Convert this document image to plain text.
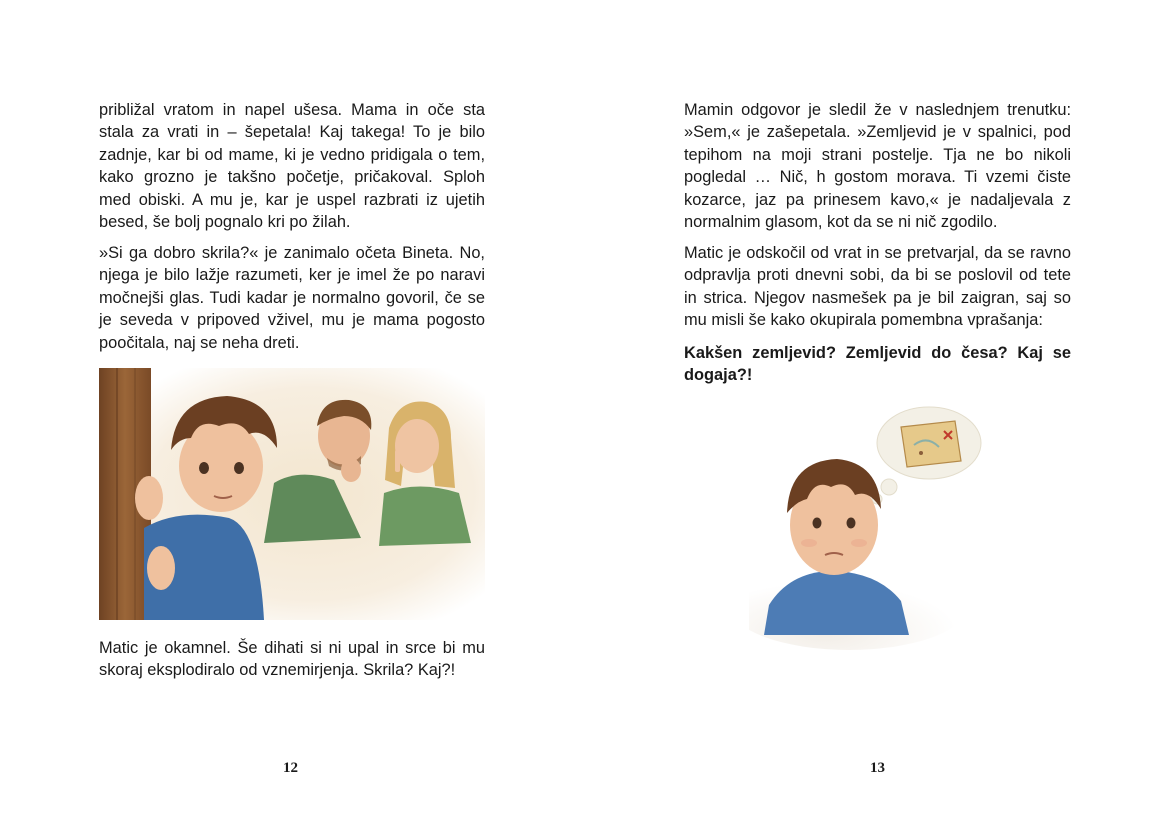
približal vratom in napel ušesa. Mama in oče sta stala za vrati in – šepetala! Kaj takega! To je bilo zadnje, kar bi od mame, ki je vedno pridigala o tem, kako grozno je takšno početje, pričakoval. Sploh med obiski. A mu je, kar je uspel razbrati iz ujetih besed, še bolj pognalo kri po žilah.
»Si ga dobro skrila?« je zanimalo očeta Bineta. No, njega je bilo lažje razumeti, ker je imel že po naravi močnejši glas. Tudi kadar je normalno govoril, če se je seveda v pripoved vživel, mu je mama pogosto poočitala, naj se neha dreti.
Matic je okamnel. Še dihati si ni upal in srce bi mu skoraj eksplodiralo od vznemirjenja. Skrila? Kaj?!
12
Mamin odgovor je sledil že v naslednjem trenutku: »Sem,« je zašepetala. »Zemljevid je v spalnici, pod tepihom na moji strani postelje. Tja ne bo nikoli pogledal … Nič, h gostom morava. Ti vzemi čiste kozarce, jaz pa prinesem kavo,« je nadaljevala z normalnim glasom, kot da se ni nič zgodilo.
Matic je odskočil od vrat in se pretvarjal, da se ravno odpravlja proti dnevni sobi, da bi se poslovil od tete in strica. Njegov nasmešek pa je bil zaigran, saj so mu misli še kako okupirala pomembna vprašanja:
Kakšen zemljevid? Zemljevid do česa? Kaj se dogaja?!
13
